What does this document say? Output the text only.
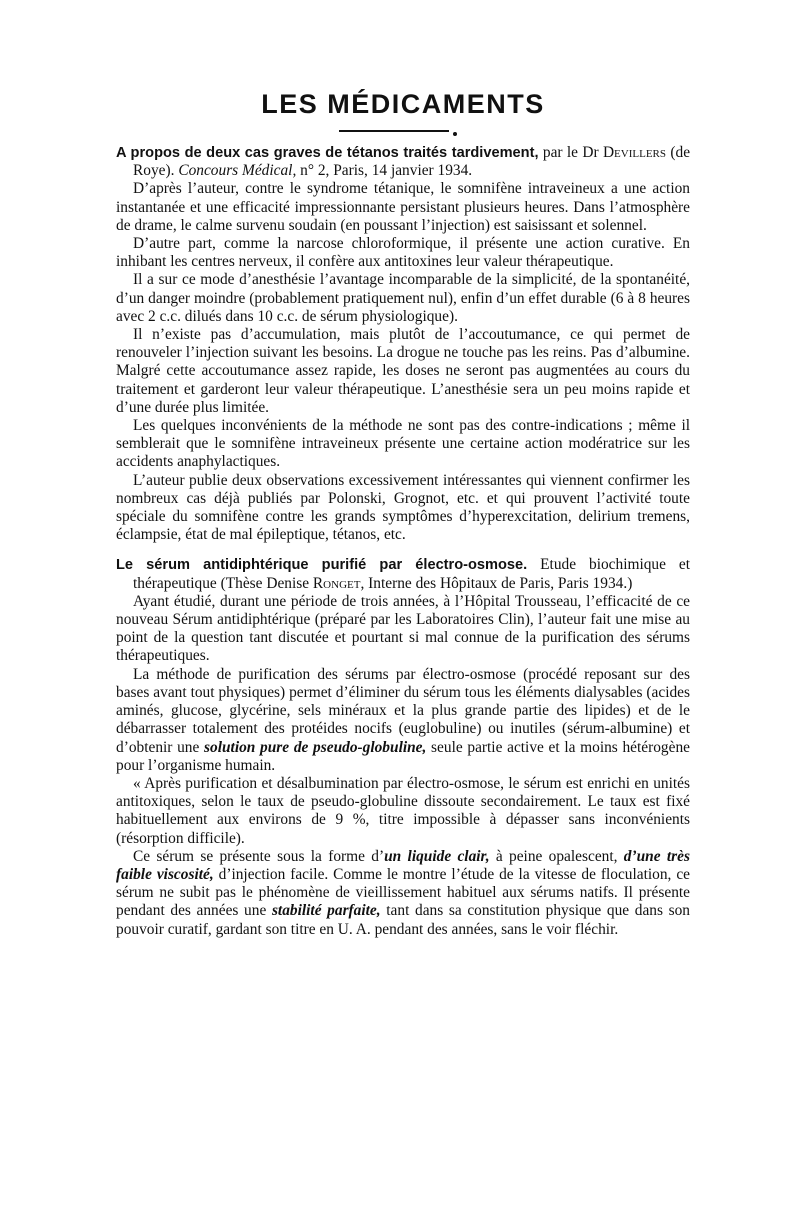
LES MÉDICAMENTS

A propos de deux cas graves de tétanos traités tardivement, par le Dr Devillers (de Roye). Concours Médical, n° 2, Paris, 14 janvier 1934.

D’après l’auteur, contre le syndrome tétanique, le somnifène intraveineux a une action instantanée et une efficacité impressionnante persistant plusieurs heures. Dans l’atmosphère de drame, le calme survenu soudain (en poussant l’injection) est saisissant et solennel.

D’autre part, comme la narcose chloroformique, il présente une action curative. En inhibant les centres nerveux, il confère aux antitoxines leur valeur thérapeutique.

Il a sur ce mode d’anesthésie l’avantage incomparable de la simplicité, de la spontanéité, d’un danger moindre (probablement pratiquement nul), enfin d’un effet durable (6 à 8 heures avec 2 c.c. dilués dans 10 c.c. de sérum physiologique).

Il n’existe pas d’accumulation, mais plutôt de l’accoutumance, ce qui permet de renouveler l’injection suivant les besoins. La drogue ne touche pas les reins. Pas d’albumine. Malgré cette accoutumance assez rapide, les doses ne seront pas augmentées au cours du traitement et garderont leur valeur thérapeutique. L’anesthésie sera un peu moins rapide et d’une durée plus limitée.

Les quelques inconvénients de la méthode ne sont pas des contre-indications ; même il semblerait que le somnifène intraveineux présente une certaine action modératrice sur les accidents anaphylactiques.

L’auteur publie deux observations excessivement intéressantes qui viennent confirmer les nombreux cas déjà publiés par Polonski, Grognot, etc. et qui prouvent l’activité toute spéciale du somnifène contre les grands symptômes d’hyperexcitation, delirium tremens, éclampsie, état de mal épileptique, tétanos, etc.

Le sérum antidiphtérique purifié par électro-osmose. Etude biochimique et thérapeutique (Thèse Denise Ronget, Interne des Hôpitaux de Paris, Paris 1934.)

Ayant étudié, durant une période de trois années, à l’Hôpital Trousseau, l’efficacité de ce nouveau Sérum antidiphtérique (préparé par les Laboratoires Clin), l’auteur fait une mise au point de la question tant discutée et pourtant si mal connue de la purification des sérums thérapeutiques.

La méthode de purification des sérums par électro-osmose (procédé reposant sur des bases avant tout physiques) permet d’éliminer du sérum tous les éléments dialysables (acides aminés, glucose, glycérine, sels minéraux et la plus grande partie des lipides) et de le débarrasser totalement des protéides nocifs (euglobuline) ou inutiles (sérum-albumine) et d’obtenir une solution pure de pseudo-globuline, seule partie active et la moins hétérogène pour l’organisme humain.

« Après purification et désalbumination par électro-osmose, le sérum est enrichi en unités antitoxiques, selon le taux de pseudo-globuline dissoute secondairement. Le taux est fixé habituellement aux environs de 9 %, titre impossible à dépasser sans inconvénients (résorption difficile).

Ce sérum se présente sous la forme d’un liquide clair, à peine opalescent, d’une très faible viscosité, d’injection facile. Comme le montre l’étude de la vitesse de floculation, ce sérum ne subit pas le phénomène de vieillissement habituel aux sérums natifs. Il présente pendant des années une stabilité parfaite, tant dans sa constitution physique que dans son pouvoir curatif, gardant son titre en U. A. pendant des années, sans le voir fléchir.
